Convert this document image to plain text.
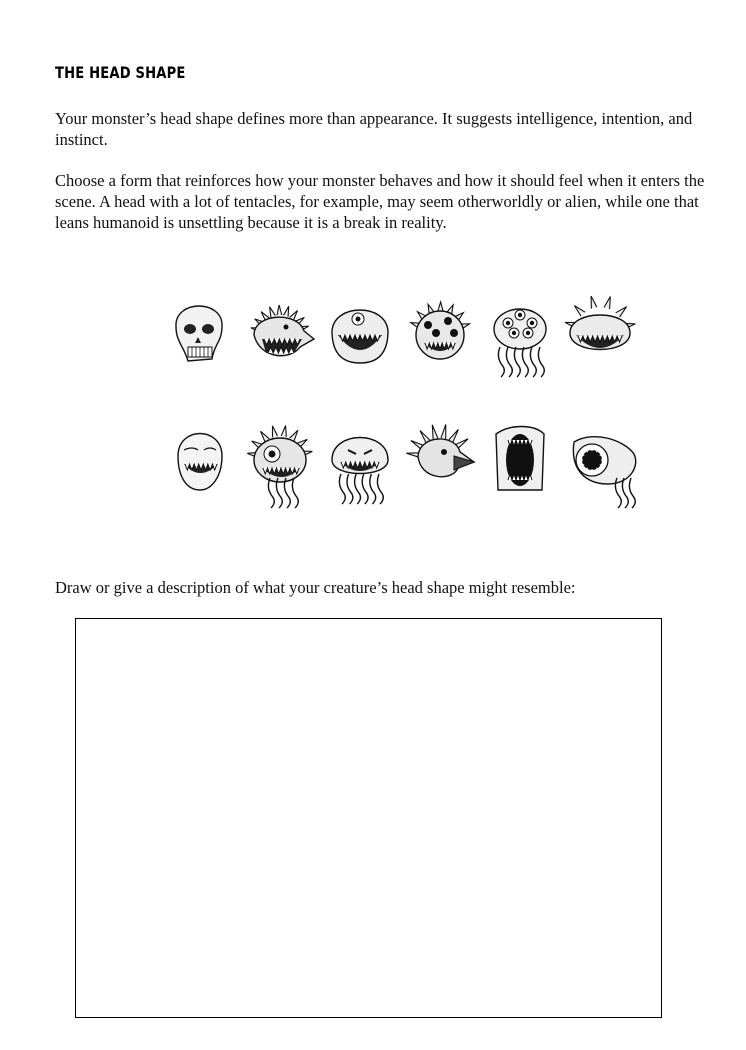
THE HEAD SHAPE

Your monster’s head shape defines more than appearance. It suggests intelligence, intention, and instinct.

Choose a form that reinforces how your monster behaves and how it should feel when it enters the scene. A head with a lot of tentacles, for example, may seem otherworldly or alien, while one that leans humanoid is unsettling because it is a break in reality.

Draw or give a description of what your creature’s head shape might resemble:
